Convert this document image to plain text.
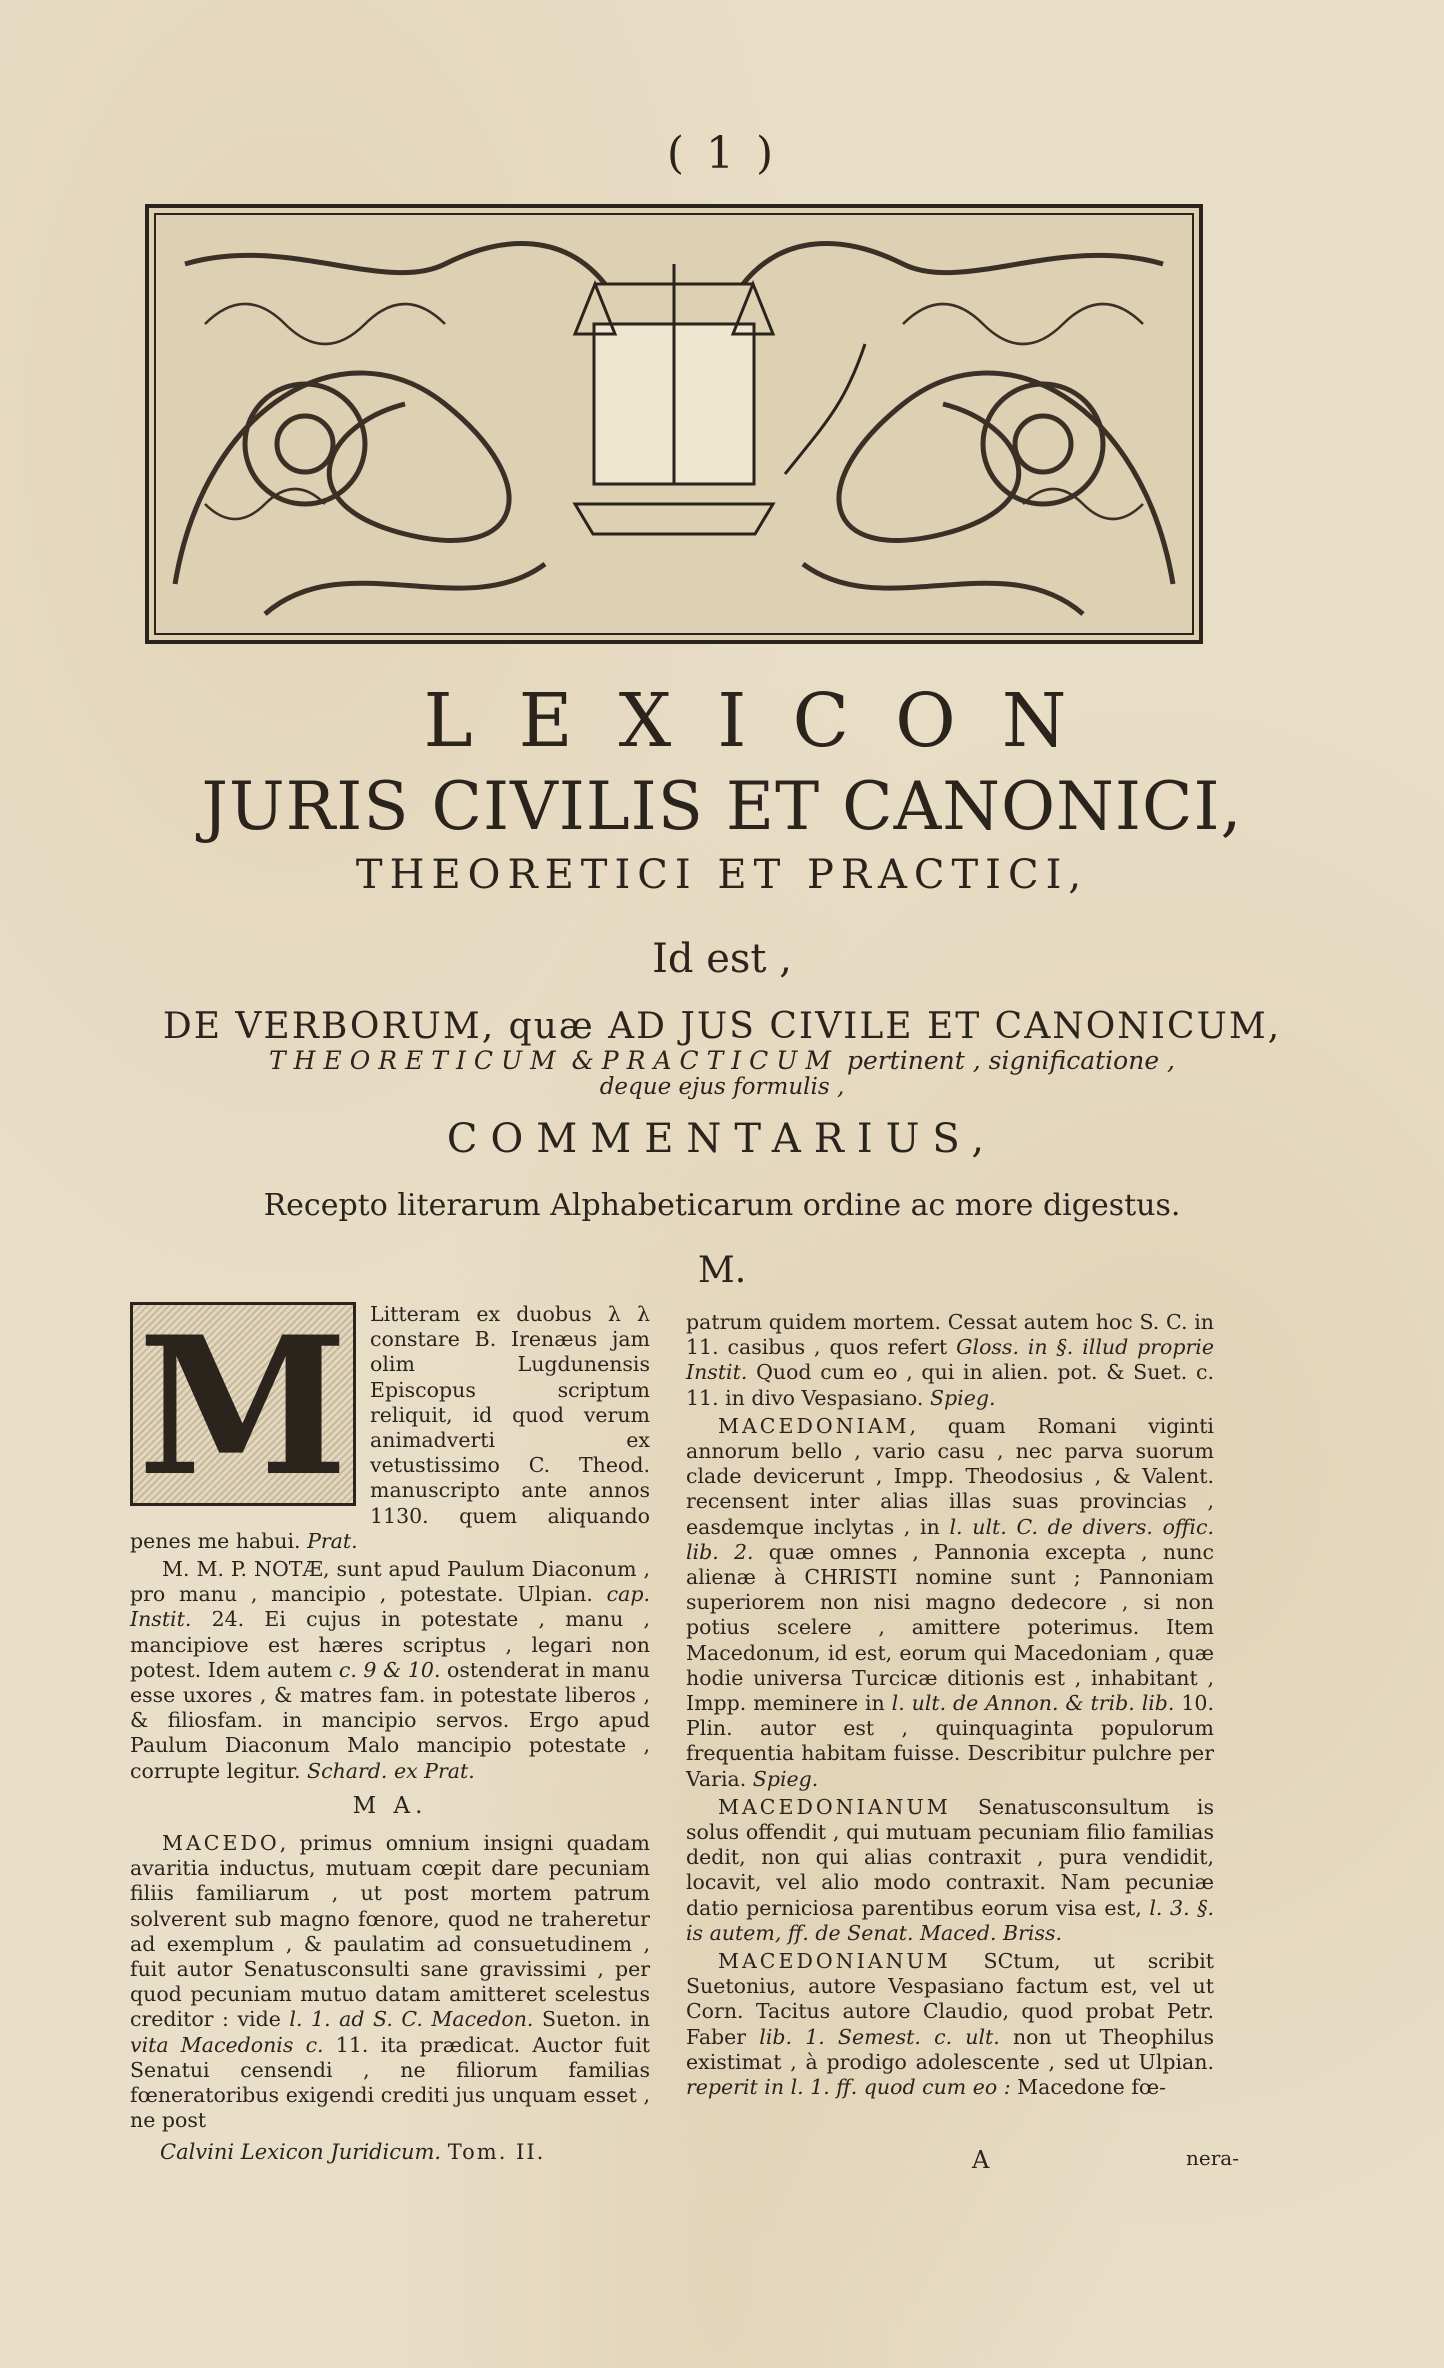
( 1 )
LEXICON
JURIS CIVILIS ET CANONICI,
THEORETICI ET PRACTICI,
Id est ,
DE VERBORUM, quæ AD JUS CIVILE ET CANONICUM,
THEORETICUM & PRACTICUM pertinent , significatione ,
deque ejus formulis ,
COMMENTARIUS,
Recepto literarum Alphabeticarum ordine ac more digestus.
M.
M	Litteram ex duobus λ λ constare B. Irenæus jam olim Lugdunensis Episcopus scriptum reliquit, id quod verum animadverti ex vetustissimo C. Theod. manuscripto ante annos 1130. quem aliquando penes me habui. Prat.

M. M. P. NOTÆ, sunt apud Paulum Diaconum , pro manu , mancipio , potestate. Ulpian. cap. Instit. 24. Ei cujus in potestate , manu , mancipiove est hæres scriptus , legari non potest. Idem autem c. 9 & 10. ostenderat in manu esse uxores , & matres fam. in potestate liberos , & filiosfam. in mancipio servos. Ergo apud Paulum Diaconum Malo mancipio potestate , corrupte legitur. Schard. ex Prat.

M A.

MACEDO, primus omnium insigni quadam avaritia inductus, mutuam cœpit dare pecuniam filiis familiarum , ut post mortem patrum solverent sub magno fœnore, quod ne traheretur ad exemplum , & paulatim ad consuetudinem , fuit autor Senatusconsulti sane gravissimi , per quod pecuniam mutuo datam amitteret scelestus creditor : vide l. 1. ad S. C. Macedon. Sueton. in vita Macedonis c. 11. ita prædicat. Auctor fuit Senatui censendi , ne filiorum familias fœneratoribus exigendi crediti jus unquam esset , ne post

patrum quidem mortem. Cessat autem hoc S. C. in 11. casibus , quos refert Gloss. in §. illud proprie Instit. Quod cum eo , qui in alien. pot. & Suet. c. 11. in divo Vespasiano. Spieg.

MACEDONIAM, quam Romani viginti annorum bello , vario casu , nec parva suorum clade devicerunt , Impp. Theodosius , & Valent. recensent inter alias illas suas provincias , easdemque inclytas , in l. ult. C. de divers. offic. lib. 2. quæ omnes , Pannonia excepta , nunc alienæ à CHRISTI nomine sunt ; Pannoniam superiorem non nisi magno dedecore , si non potius scelere , amittere poterimus. Item Macedonum, id est, eorum qui Macedoniam , quæ hodie universa Turcicæ ditionis est , inhabitant , Impp. meminere in l. ult. de Annon. & trib. lib. 10. Plin. autor est , quinquaginta populorum frequentia habitam fuisse. Describitur pulchre per Varia. Spieg.

MACEDONIANUM Senatusconsultum is solus offendit , qui mutuam pecuniam filio familias dedit, non qui alias contraxit , pura vendidit, locavit, vel alio modo contraxit. Nam pecuniæ datio perniciosa parentibus eorum visa est, l. 3. §. is autem, ff. de Senat. Maced. Briss.

MACEDONIANUM SCtum, ut scribit Suetonius, autore Vespasiano factum est, vel ut Corn. Tacitus autore Claudio, quod probat Petr. Faber lib. 1. Semest. c. ult. non ut Theophilus existimat , à prodigo adolescente , sed ut Ulpian. reperit in l. 1. ff. quod cum eo : Macedone fœ-

Calvini Lexicon Juridicum. Tom. II.	A	nera-
